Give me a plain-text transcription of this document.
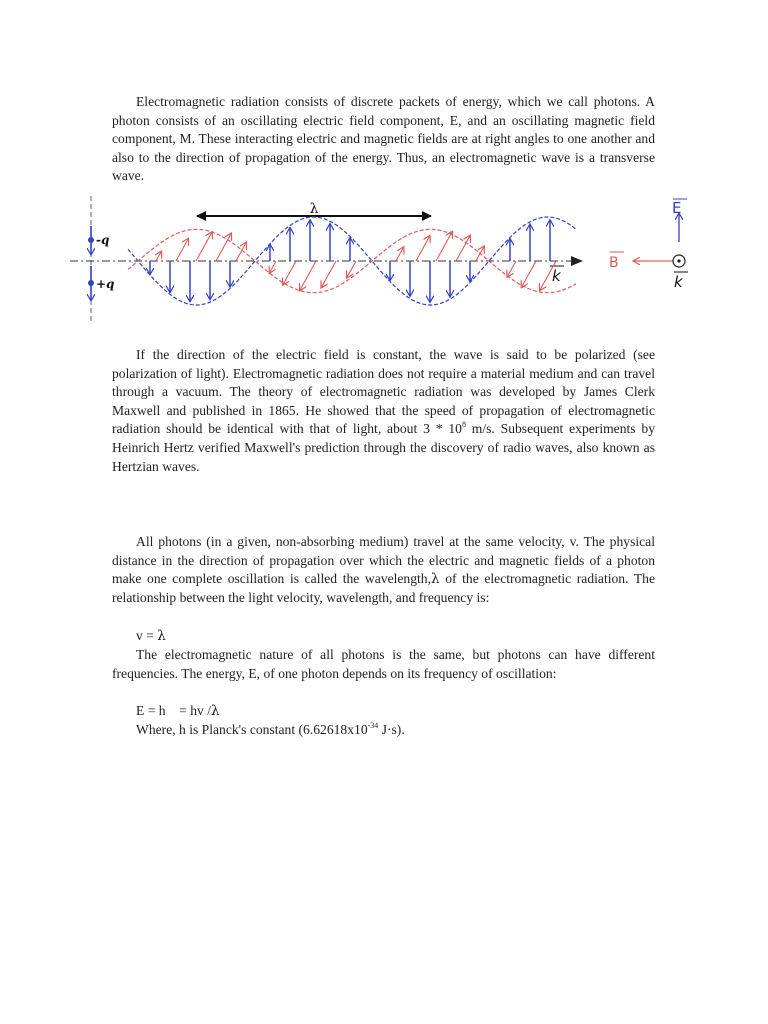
Electromagnetic radiation consists of discrete packets of energy, which we call photons. A photon consists of an oscillating electric field component, E, and an oscillating magnetic field component, M. These interacting electric and magnetic fields are at right angles to one another and also to the direction of propagation of the energy. Thus, an electromagnetic wave is a transverse wave.

-q
+q	k
λ	E
B
k

If the direction of the electric field is constant, the wave is said to be polarized (see polarization of light). Electromagnetic radiation does not require a material medium and can travel through a vacuum. The theory of electromagnetic radiation was developed by James Clerk Maxwell and published in 1865. He showed that the speed of propagation of electromagnetic radiation should be identical with that of light, about $3 * 10^8$ m/s. Subsequent experiments by Heinrich Hertz verified Maxwell's prediction through the discovery of radio waves, also known as Hertzian waves.

All photons (in a given, non-absorbing medium) travel at the same velocity, v. The physical distance in the direction of propagation over which the electric and magnetic fields of a photon make one complete oscillation is called the wavelength,λ of the electromagnetic radiation. The relationship between the light velocity, wavelength, and frequency is:

v = λ

The electromagnetic nature of all photons is the same, but photons can have different frequencies. The energy, E, of one photon depends on its frequency of oscillation:

E = h    = hv /λ

Where, h is Planck's constant ($6.62618x10^{-34}$ J·s).
